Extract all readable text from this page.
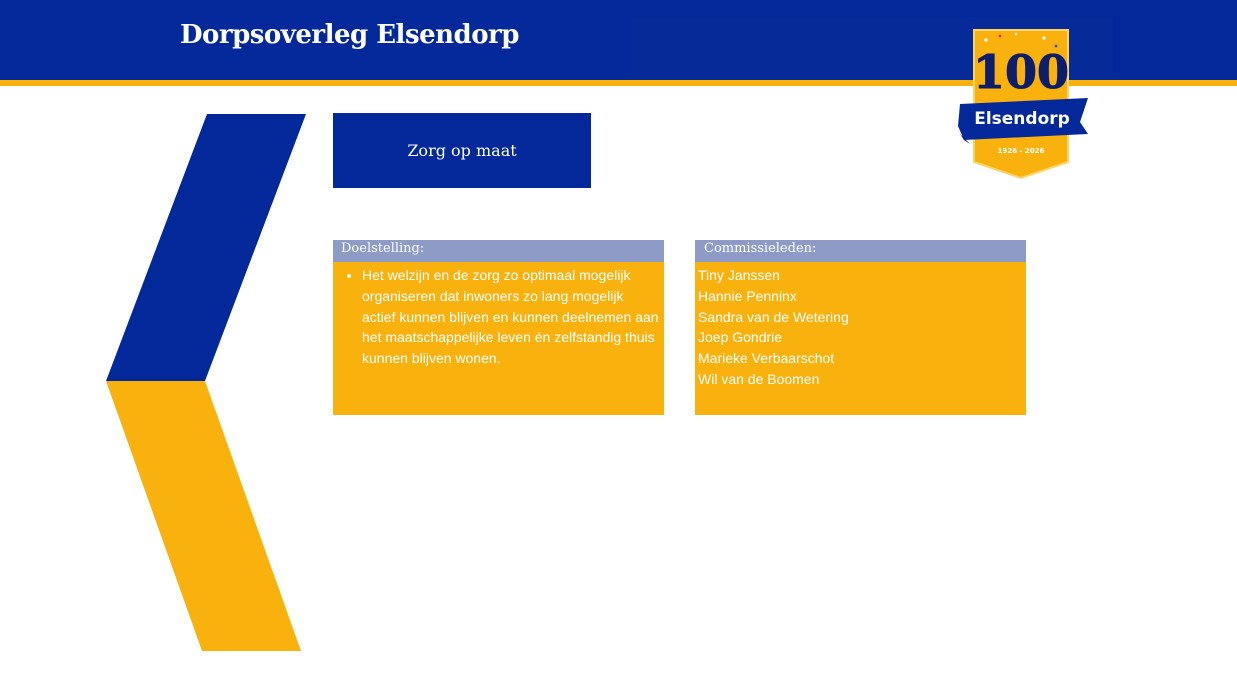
Dorpsoverleg Elsendorp
100
Elsendorp
1926 - 2026
Zorg op maat
Doelstelling:
• Het welzijn en de zorg zo optimaal mogelijk organiseren dat inwoners zo lang mogelijk actief kunnen blijven en kunnen deelnemen aan het maatschappelijke leven én zelfstandig thuis kunnen blijven wonen.
Commissieleden:
Tiny Janssen
Hannie Penninx
Sandra van de Wetering
Joep Gondrie
Marieke Verbaarschot
Wil van de Boomen
